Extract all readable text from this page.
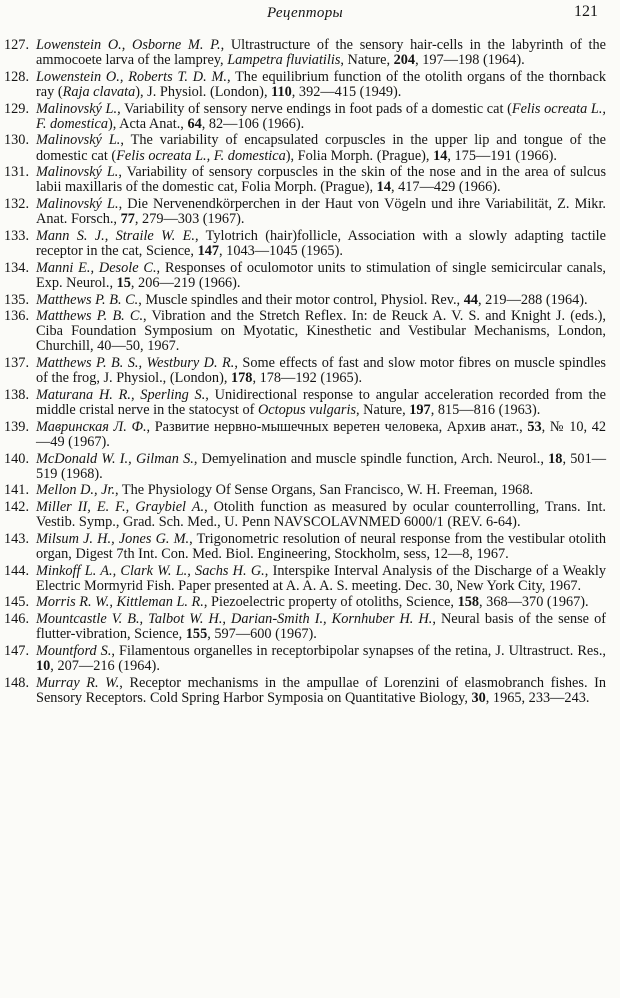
Рецепторы	121
127. Lowenstein O., Osborne M. P., Ultrastructure of the sensory hair-cells in the labyrinth of the ammocoete larva of the lamprey, Lampetra fluviatilis, Nature, 204, 197—198 (1964).
128. Lowenstein O., Roberts T. D. M., The equilibrium function of the otolith organs of the thornback ray (Raja clavata), J. Physiol. (London), 110, 392—415 (1949).
129. Malinovský L., Variability of sensory nerve endings in foot pads of a domestic cat (Felis ocreata L., F. domestica), Acta Anat., 64, 82—106 (1966).
130. Malinovský L., The variability of encapsulated corpuscles in the upper lip and tongue of the domestic cat (Felis ocreata L., F. domestica), Folia Morph. (Prague), 14, 175—191 (1966).
131. Malinovský L., Variability of sensory corpuscles in the skin of the nose and in the area of sulcus labii maxillaris of the domestic cat, Folia Morph. (Prague), 14, 417—429 (1966).
132. Malinovský L., Die Nervenendkörperchen in der Haut von Vögeln und ihre Variabilität, Z. Mikr. Anat. Forsch., 77, 279—303 (1967).
133. Mann S. J., Straile W. E., Tylotrich (hair)follicle, Association with a slowly adapting tactile receptor in the cat, Science, 147, 1043—1045 (1965).
134. Manni E., Desole C., Responses of oculomotor units to stimulation of single semicircular canals, Exp. Neurol., 15, 206—219 (1966).
135. Matthews P. B. C., Muscle spindles and their motor control, Physiol. Rev., 44, 219—288 (1964).
136. Matthews P. B. C., Vibration and the Stretch Reflex. In: de Reuck A. V. S. and Knight J. (eds.), Ciba Foundation Symposium on Myotatic, Kinesthetic and Vestibular Mechanisms, London, Churchill, 40—50, 1967.
137. Matthews P. B. S., Westbury D. R., Some effects of fast and slow motor fibres on muscle spindles of the frog, J. Physiol., (London), 178, 178—192 (1965).
138. Maturana H. R., Sperling S., Unidirectional response to angular acceleration recorded from the middle cristal nerve in the statocyst of Octopus vulgaris, Nature, 197, 815—816 (1963).
139. Мавринская Л. Ф., Развитие нервно-мышечных веретен человека, Архив анат., 53, № 10, 42—49 (1967).
140. McDonald W. I., Gilman S., Demyelination and muscle spindle function, Arch. Neurol., 18, 501—519 (1968).
141. Mellon D., Jr., The Physiology Of Sense Organs, San Francisco, W. H. Freeman, 1968.
142. Miller II, E. F., Graybiel A., Otolith function as measured by ocular counterrolling, Trans. Int. Vestib. Symp., Grad. Sch. Med., U. Penn NAVSCOLAVNMED 6000/1 (REV. 6-64).
143. Milsum J. H., Jones G. M., Trigonometric resolution of neural response from the vestibular otolith organ, Digest 7th Int. Con. Med. Biol. Engineering, Stockholm, sess, 12—8, 1967.
144. Minkoff L. A., Clark W. L., Sachs H. G., Interspike Interval Analysis of the Discharge of a Weakly Electric Mormyrid Fish. Paper presented at A. A. A. S. meeting. Dec. 30, New York City, 1967.
145. Morris R. W., Kittleman L. R., Piezoelectric property of otoliths, Science, 158, 368—370 (1967).
146. Mountcastle V. B., Talbot W. H., Darian-Smith I., Kornhuber H. H., Neural basis of the sense of flutter-vibration, Science, 155, 597—600 (1967).
147. Mountford S., Filamentous organelles in receptorbipolar synapses of the retina, J. Ultrastruct. Res., 10, 207—216 (1964).
148. Murray R. W., Receptor mechanisms in the ampullae of Lorenzini of elasmobranch fishes. In Sensory Receptors. Cold Spring Harbor Symposia on Quantitative Biology, 30, 1965, 233—243.
